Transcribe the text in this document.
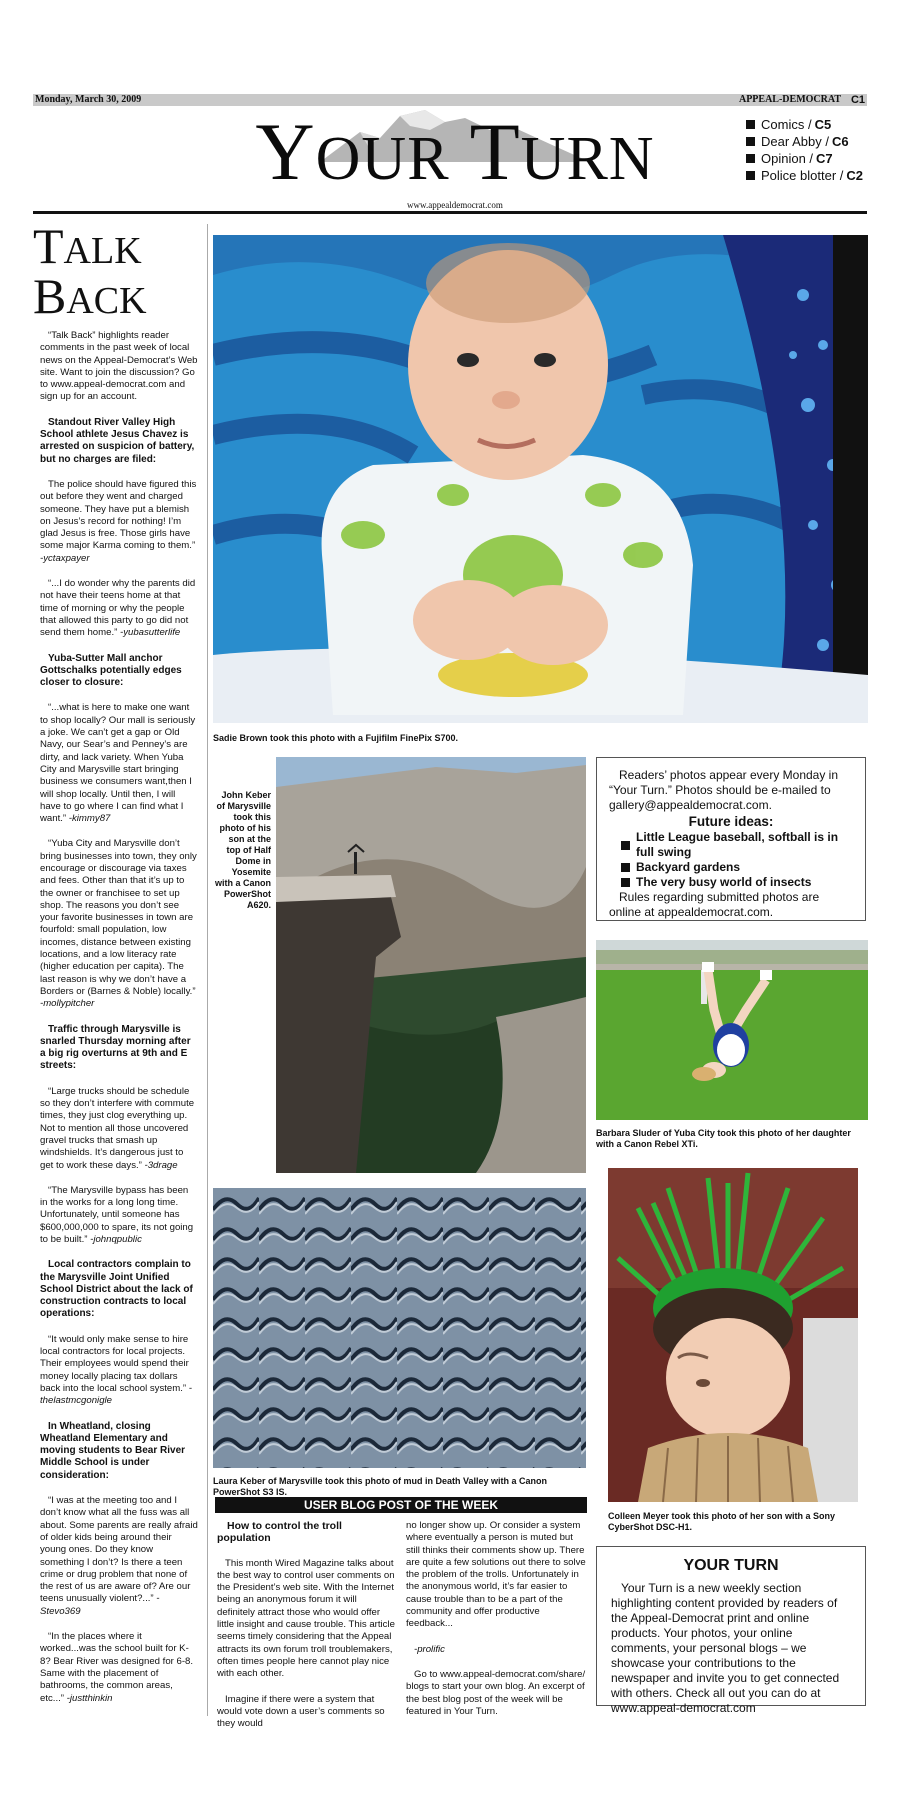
Monday, March 30, 2009	APPEAL-DEMOCRAT C1
YOUR TURN
www.appealdemocrat.com
Comics / C5
Dear Abby / C6
Opinion / C7
Police blotter / C2
TALK
BACK

“Talk Back” highlights reader comments in the past week of local news on the Appeal-Democrat’s Web site. Want to join the discussion? Go to www.appeal-democrat.com and sign up for an account.

Standout River Valley High School athlete Jesus Chavez is arrested on suspicion of battery, but no charges are filed:

The police should have figured this out before they went and charged someone. They have put a blemish on Jesus’s record for nothing! I’m glad Jesus is free. Those girls have some major Karma coming to them.” -yctaxpayer

“...I do wonder why the parents did not have their teens home at that time of morning or why the people that allowed this party to go did not send them home.” -yubasutterlife

Yuba-Sutter Mall anchor Gottschalks potentially edges closer to closure:

“...what is here to make one want to shop locally? Our mall is seriously a joke. We can’t get a gap or Old Navy, our Sear’s and Penney’s are dirty, and lack variety. When Yuba City and Marysville start bringing business we consumers want,then I will shop locally. Until then, I will have to go where I can find what I want.” -kimmy87

“Yuba City and Marysville don’t bring businesses into town, they only encourage or discourage via taxes and fees. Other than that it’s up to the owner or franchisee to set up shop. The reasons you don’t see your favorite businesses in town are fourfold: small population, low incomes, distance between existing locations, and a low literacy rate (higher education per capita). The last reason is why we don’t have a Borders or (Barnes & Noble) locally.” -mollypitcher

Traffic through Marysville is snarled Thursday morning after a big rig overturns at 9th and E streets:

“Large trucks should be schedule so they don’t interfere with commute times, they just clog everything up. Not to mention all those uncovered gravel trucks that smash up windshields. It’s dangerous just to get to work these days.” -3drage

“The Marysville bypass has been in the works for a long long time. Unfortunately, until someone has $600,000,000 to spare, its not going to be built.” -johnqpublic

Local contractors complain to the Marysville Joint Unified School District about the lack of construction contracts to local operations:

“It would only make sense to hire local contractors for local projects. Their employees would spend their money locally placing tax dollars back into the local school system.” -thelastmcgonigle

In Wheatland, closing Wheatland Elementary and moving students to Bear River Middle School is under consideration:

“I was at the meeting too and I don’t know what all the fuss was all about. Some parents are really afraid of older kids being around their young ones. Do they know something I don’t? Is there a teen crime or drug problem that none of the rest of us are aware of? Are our teens unusually violent?...” -Stevo369

“In the places where it worked...was the school built for K-8? Bear River was designed for 6-8. Same with the placement of bathrooms, the common areas, etc...” -justthinkin

Sadie Brown took this photo with a Fujifilm FinePix S700.
John Keber of Marysville took this photo of his son at the top of Half Dome in Yosemite with a Canon PowerShot A620.

Readers’ photos appear every Monday in “Your Turn.” Photos should be e-mailed to gallery@appealdemocrat.com.

Future ideas:
Little League baseball, softball is in full swing
Backyard gardens
The very busy world of insects

Rules regarding submitted photos are online at appealdemocrat.com.

Barbara Sluder of Yuba City took this photo of her daughter with a Canon Rebel XTi.
Laura Keber of Marysville took this photo of mud in Death Valley with a Canon PowerShot S3 IS.
Colleen Meyer took this photo of her son with a Sony CyberShot DSC-H1.
USER BLOG POST OF THE WEEK
How to control the troll population

This month Wired Magazine talks about the best way to control user comments on the President’s web site. With the Internet being an anonymous forum it will definitely attract those who would offer little insight and cause trouble. This article seems timely considering that the Appeal attracts its own forum troll troublemakers, often times people here cannot play nice with each other.

Imagine if there were a system that would vote down a user’s comments so they would

no longer show up. Or consider a system where eventually a person is muted but still thinks their comments show up. There are quite a few solutions out there to solve the problem of the trolls. Unfortunately in the anonymous world, it’s far easier to cause trouble than to be a part of the community and offer productive feedback...

-prolific

Go to www.appeal-democrat.com/share/ blogs to start your own blog. An excerpt of the best blog post of the week will be featured in Your Turn.

YOUR TURN

Your Turn is a new weekly section highlighting content provided by readers of the Appeal-Democrat print and online products. Your photos, your online comments, your personal blogs – we showcase your contributions to the newspaper and invite you to get connected with others. Check all out you can do at www.appeal-democrat.com
